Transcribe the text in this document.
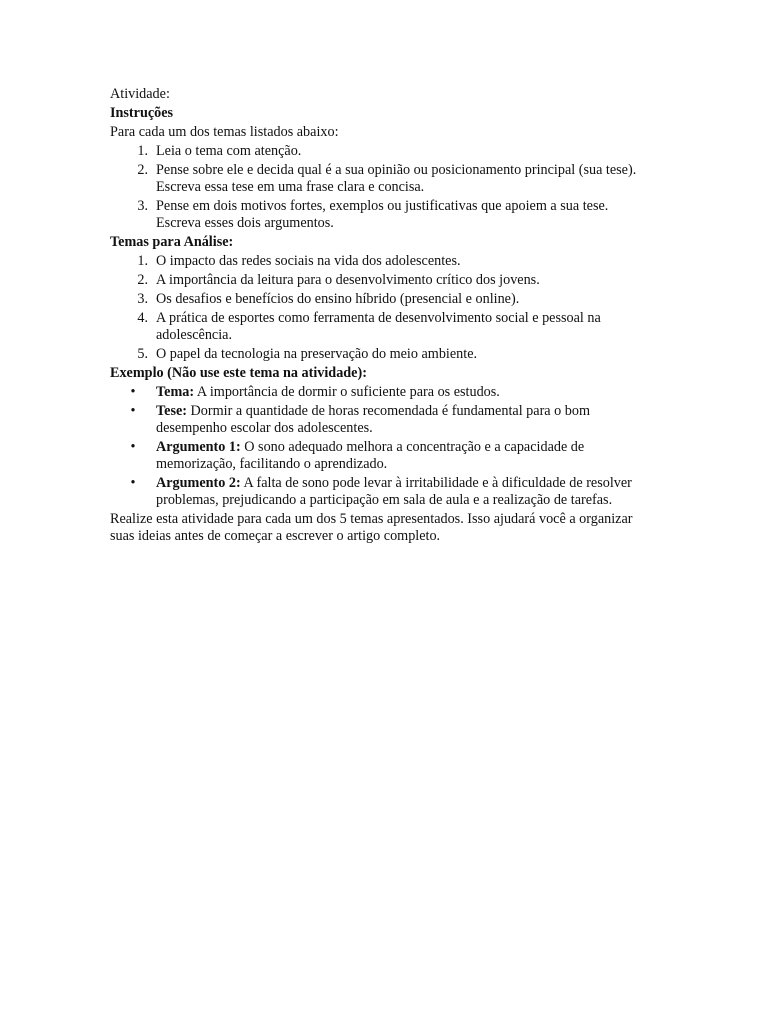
Atividade:
Instruções
Para cada um dos temas listados abaixo:
1. Leia o tema com atenção.
2. Pense sobre ele e decida qual é a sua opinião ou posicionamento principal (sua tese). Escreva essa tese em uma frase clara e concisa.
3. Pense em dois motivos fortes, exemplos ou justificativas que apoiem a sua tese. Escreva esses dois argumentos.
Temas para Análise:
1. O impacto das redes sociais na vida dos adolescentes.
2. A importância da leitura para o desenvolvimento crítico dos jovens.
3. Os desafios e benefícios do ensino híbrido (presencial e online).
4. A prática de esportes como ferramenta de desenvolvimento social e pessoal na adolescência.
5. O papel da tecnologia na preservação do meio ambiente.
Exemplo (Não use este tema na atividade):
• Tema: A importância de dormir o suficiente para os estudos.
• Tese: Dormir a quantidade de horas recomendada é fundamental para o bom desempenho escolar dos adolescentes.
• Argumento 1: O sono adequado melhora a concentração e a capacidade de memorização, facilitando o aprendizado.
• Argumento 2: A falta de sono pode levar à irritabilidade e à dificuldade de resolver problemas, prejudicando a participação em sala de aula e a realização de tarefas.
Realize esta atividade para cada um dos 5 temas apresentados. Isso ajudará você a organizar suas ideias antes de começar a escrever o artigo completo.
